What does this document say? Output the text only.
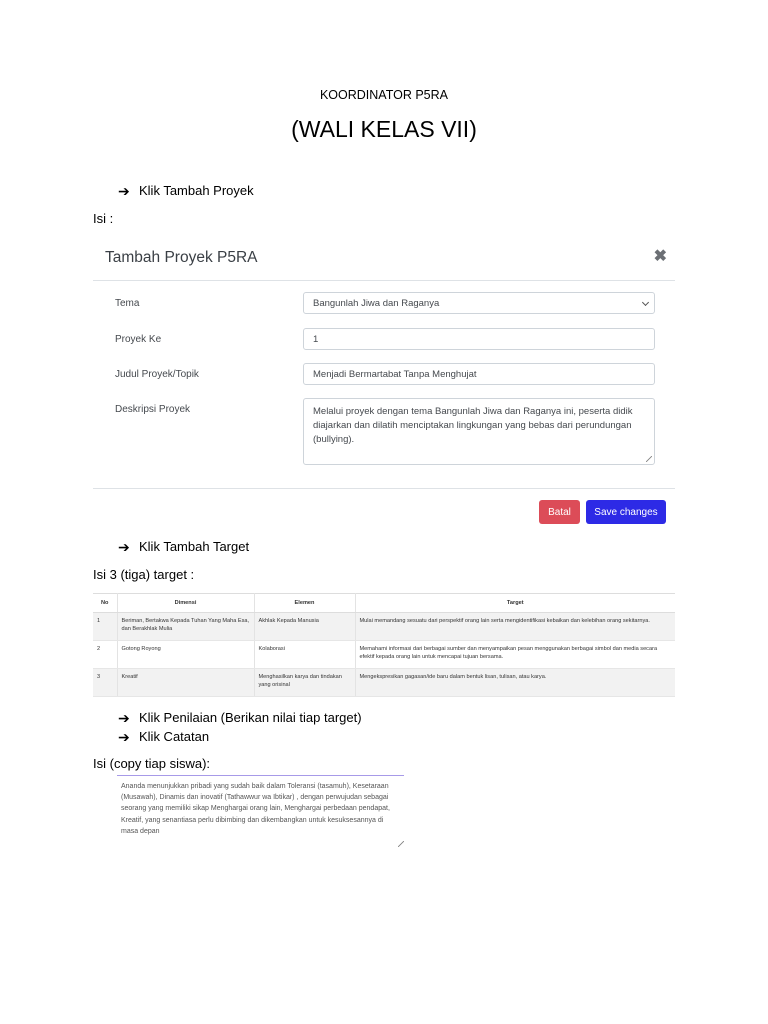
KOORDINATOR P5RA
(WALI KELAS VII)
➔ Klik Tambah Proyek
Isi :
Tambah Proyek P5RA	✖
Tema	Bangunlah Jiwa dan Raganya
Proyek Ke	1
Judul Proyek/Topik	Menjadi Bermartabat Tanpa Menghujat
Deskripsi Proyek	Melalui proyek dengan tema Bangunlah Jiwa dan Raganya ini, peserta didik diajarkan dan dilatih menciptakan lingkungan yang bebas dari perundungan (bullying).
Batal	Save changes
➔ Klik Tambah Target
Isi 3 (tiga) target :
No	Dimensi	Elemen	Target
1	Beriman, Bertakwa Kepada Tuhan Yang Maha Esa, dan Berakhlak Mulia	Akhlak Kepada Manusia	Mulai memandang sesuatu dari perspektif orang lain serta mengidentifikasi kebaikan dan kelebihan orang sekitarnya.
2	Gotong Royong	Kolaborasi	Memahami informasi dari berbagai sumber dan menyampaikan pesan menggunakan berbagai simbol dan media secara efektif kepada orang lain untuk mencapai tujuan bersama.
3	Kreatif	Menghasilkan karya dan tindakan yang orisinal	Mengekspresikan gagasan/ide baru dalam bentuk lisan, tulisan, atau karya.
➔ Klik Penilaian (Berikan nilai tiap target)
➔ Klik Catatan
Isi (copy tiap siswa):
Ananda menunjukkan pribadi yang sudah baik dalam Toleransi (tasamuh), Kesetaraan (Musawah), Dinamis dan inovatif (Tathawwur wa Ibtikar) , dengan perwujudan sebagai seorang yang memiliki sikap Menghargai orang lain, Menghargai perbedaan pendapat, Kreatif, yang senantiasa perlu dibimbing dan dikembangkan untuk kesuksesannya di masa depan
